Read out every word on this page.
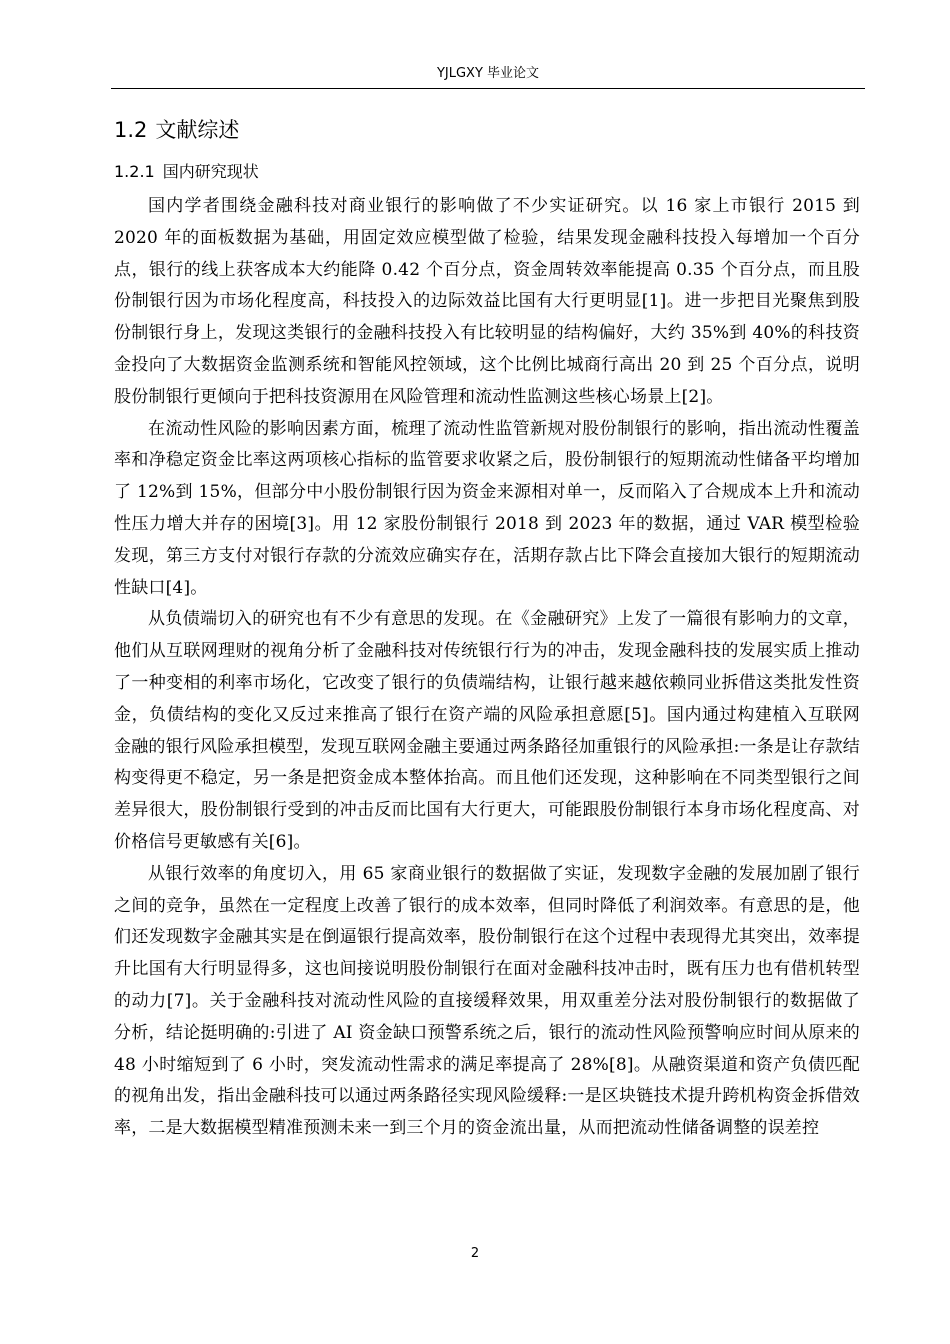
YJLGXY 毕业论文
1.2 文献综述
1.2.1 国内研究现状

国内学者围绕金融科技对商业银行的影响做了不少实证研究。以 16 家上市银行 2015 到 2020 年的面板数据为基础，用固定效应模型做了检验，结果发现金融科技投入每增加一个百分点，银行的线上获客成本大约能降 0.42 个百分点，资金周转效率能提高 0.35 个百分点，而且股份制银行因为市场化程度高，科技投入的边际效益比国有大行更明显[1]。进一步把目光聚焦到股份制银行身上，发现这类银行的金融科技投入有比较明显的结构偏好，大约 35%到 40%的科技资金投向了大数据资金监测系统和智能风控领域，这个比例比城商行高出 20 到 25 个百分点，说明股份制银行更倾向于把科技资源用在风险管理和流动性监测这些核心场景上[2]。

在流动性风险的影响因素方面，梳理了流动性监管新规对股份制银行的影响，指出流动性覆盖率和净稳定资金比率这两项核心指标的监管要求收紧之后，股份制银行的短期流动性储备平均增加了 12%到 15%，但部分中小股份制银行因为资金来源相对单一，反而陷入了合规成本上升和流动性压力增大并存的困境[3]。用 12 家股份制银行 2018 到 2023 年的数据，通过 VAR 模型检验发现，第三方支付对银行存款的分流效应确实存在，活期存款占比下降会直接加大银行的短期流动性缺口[4]。

从负债端切入的研究也有不少有意思的发现。在《金融研究》上发了一篇很有影响力的文章，他们从互联网理财的视角分析了金融科技对传统银行行为的冲击，发现金融科技的发展实质上推动了一种变相的利率市场化，它改变了银行的负债端结构，让银行越来越依赖同业拆借这类批发性资金，负债结构的变化又反过来推高了银行在资产端的风险承担意愿[5]。国内通过构建植入互联网金融的银行风险承担模型，发现互联网金融主要通过两条路径加重银行的风险承担:一条是让存款结构变得更不稳定，另一条是把资金成本整体抬高。而且他们还发现，这种影响在不同类型银行之间差异很大，股份制银行受到的冲击反而比国有大行更大，可能跟股份制银行本身市场化程度高、对价格信号更敏感有关[6]。

从银行效率的角度切入，用 65 家商业银行的数据做了实证，发现数字金融的发展加剧了银行之间的竞争，虽然在一定程度上改善了银行的成本效率，但同时降低了利润效率。有意思的是，他们还发现数字金融其实是在倒逼银行提高效率，股份制银行在这个过程中表现得尤其突出，效率提升比国有大行明显得多，这也间接说明股份制银行在面对金融科技冲击时，既有压力也有借机转型的动力[7]。关于金融科技对流动性风险的直接缓释效果，用双重差分法对股份制银行的数据做了分析，结论挺明确的:引进了 AI 资金缺口预警系统之后，银行的流动性风险预警响应时间从原来的 48 小时缩短到了 6 小时，突发流动性需求的满足率提高了 28%[8]。从融资渠道和资产负债匹配的视角出发，指出金融科技可以通过两条路径实现风险缓释:一是区块链技术提升跨机构资金拆借效率，二是大数据模型精准预测未来一到三个月的资金流出量，从而把流动性储备调整的误差控

2
